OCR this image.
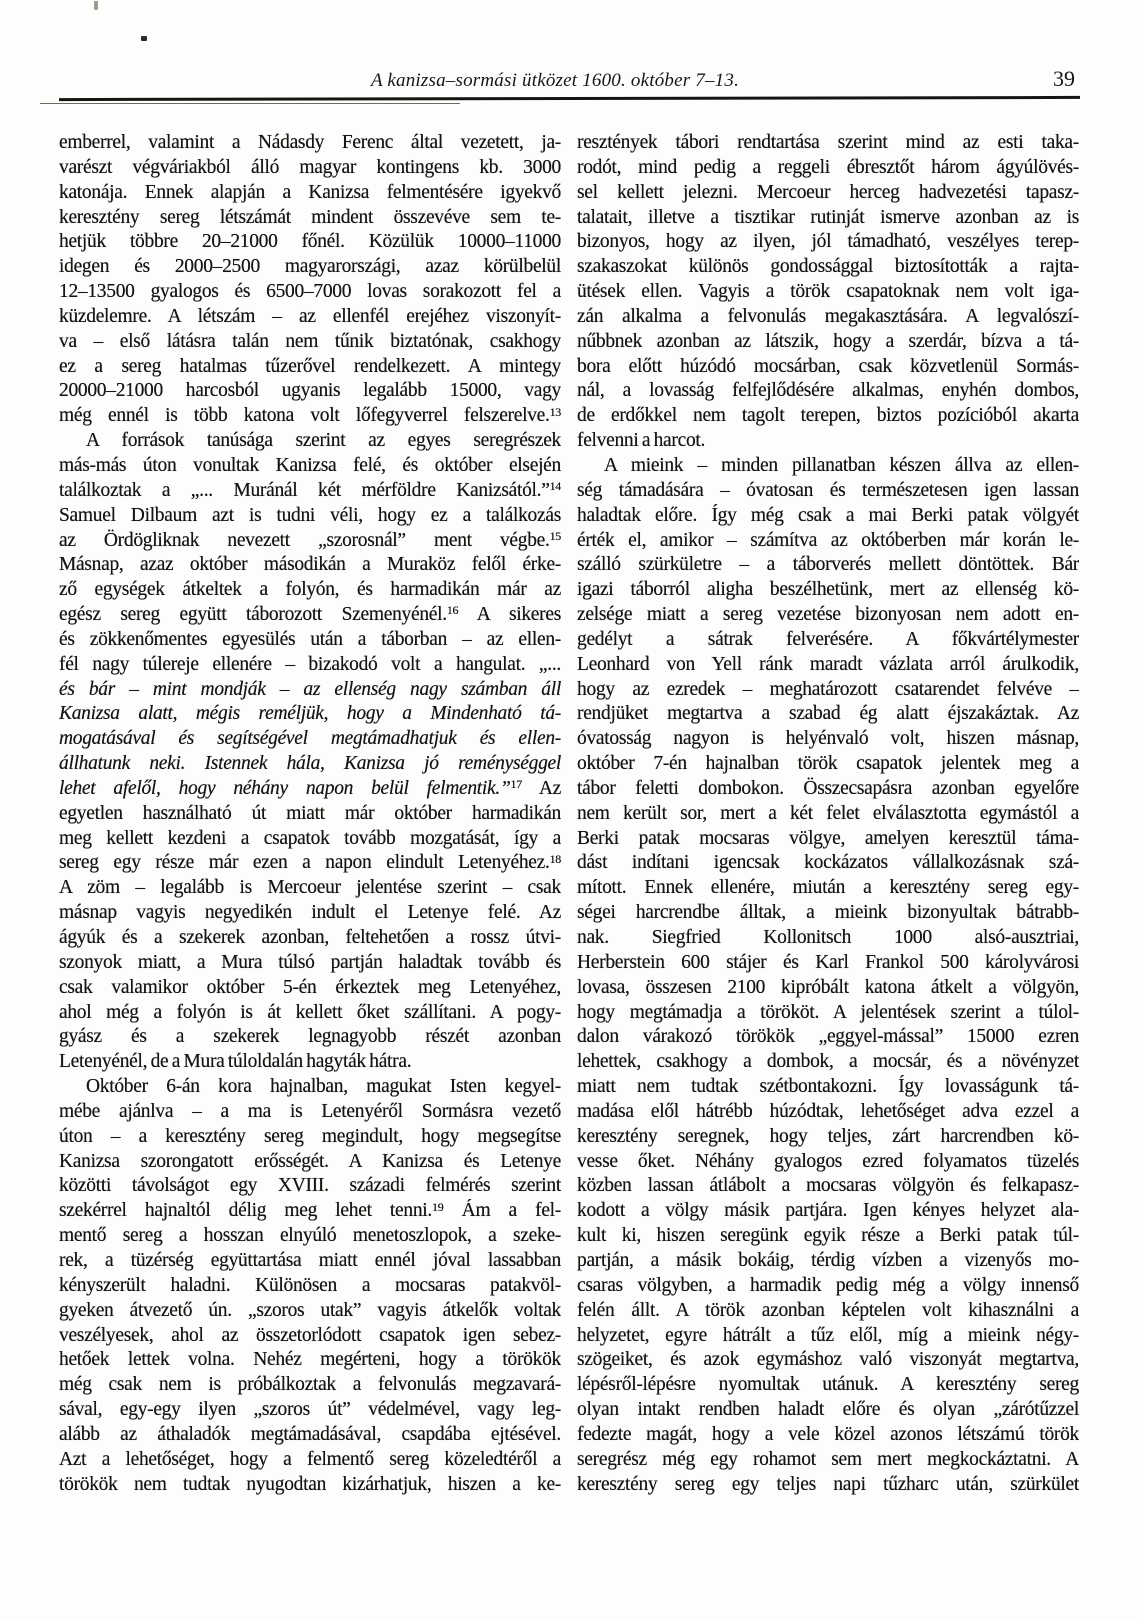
A kanizsa–sormási ütközet 1600. október 7–13.	39
emberrel, valamint a Nádasdy Ferenc által vezetett, ja-
varészt végváriakból álló magyar kontingens kb. 3000
katonája. Ennek alapján a Kanizsa felmentésére igyekvő
keresztény sereg létszámát mindent összevéve sem te-
hetjük többre 20–21000 főnél. Közülük 10000–11000
idegen és 2000–2500 magyarországi, azaz körülbelül
12–13500 gyalogos és 6500–7000 lovas sorakozott fel a
küzdelemre. A létszám – az ellenfél erejéhez viszonyít-
va – első látásra talán nem tűnik biztatónak, csakhogy
ez a sereg hatalmas tűzerővel rendelkezett. A mintegy
20000–21000 harcosból ugyanis legalább 15000, vagy
még ennél is több katona volt lőfegyverrel felszerelve.$^{13}$
A források tanúsága szerint az egyes seregrészek
más-más úton vonultak Kanizsa felé, és október elsején
találkoztak a „... Muránál két mérföldre Kanizsától.”$^{14}$
Samuel Dilbaum azt is tudni véli, hogy ez a találkozás
az Ördögliknak nevezett „szorosnál” ment végbe.$^{15}$
Másnap, azaz október másodikán a Muraköz felől érke-
ző egységek átkeltek a folyón, és harmadikán már az
egész sereg együtt táborozott Szemenyénél.$^{16}$ A sikeres
és zökkenőmentes egyesülés után a táborban – az ellen-
fél nagy túlereje ellenére – bizakodó volt a hangulat. „...
és bár – mint mondják – az ellenség nagy számban áll
Kanizsa alatt, mégis reméljük, hogy a Mindenható tá-
mogatásával és segítségével megtámadhatjuk és ellen-
állhatunk neki. Istennek hála, Kanizsa jó reménységgel
lehet afelől, hogy néhány napon belül felmentik.”$^{17}$ Az
egyetlen használható út miatt már október harmadikán
meg kellett kezdeni a csapatok tovább mozgatását, így a
sereg egy része már ezen a napon elindult Letenyéhez.$^{18}$
A zöm – legalább is Mercoeur jelentése szerint – csak
másnap vagyis negyedikén indult el Letenye felé. Az
ágyúk és a szekerek azonban, feltehetően a rossz útvi-
szonyok miatt, a Mura túlsó partján haladtak tovább és
csak valamikor október 5-én érkeztek meg Letenyéhez,
ahol még a folyón is át kellett őket szállítani. A pogy-
gyász és a szekerek legnagyobb részét azonban
Letenyénél, de a Mura túloldalán hagyták hátra.
Október 6-án kora hajnalban, magukat Isten kegyel-
mébe ajánlva – a ma is Letenyéről Sormásra vezető
úton – a keresztény sereg megindult, hogy megsegítse
Kanizsa szorongatott erősségét. A Kanizsa és Letenye
közötti távolságot egy XVIII. századi felmérés szerint
szekérrel hajnaltól délig meg lehet tenni.$^{19}$ Ám a fel-
mentő sereg a hosszan elnyúló menetoszlopok, a szeke-
rek, a tüzérség együttartása miatt ennél jóval lassabban
kényszerült haladni. Különösen a mocsaras patakvöl-
gyeken átvezető ún. „szoros utak” vagyis átkelők voltak
veszélyesek, ahol az összetorlódott csapatok igen sebez-
hetőek lettek volna. Nehéz megérteni, hogy a törökök
még csak nem is próbálkoztak a felvonulás megzavará-
sával, egy-egy ilyen „szoros út” védelmével, vagy leg-
alább az áthaladók megtámadásával, csapdába ejtésével.
Azt a lehetőséget, hogy a felmentő sereg közeledtéről a
törökök nem tudtak nyugodtan kizárhatjuk, hiszen a ke-
resztények tábori rendtartása szerint mind az esti taka-
rodót, mind pedig a reggeli ébresztőt három ágyúlövés-
sel kellett jelezni. Mercoeur herceg hadvezetési tapasz-
talatait, illetve a tisztikar rutinját ismerve azonban az is
bizonyos, hogy az ilyen, jól támadható, veszélyes terep-
szakaszokat különös gondossággal biztosították a rajta-
ütések ellen. Vagyis a török csapatoknak nem volt iga-
zán alkalma a felvonulás megakasztására. A legvalószí-
nűbbnek azonban az látszik, hogy a szerdár, bízva a tá-
bora előtt húzódó mocsárban, csak közvetlenül Sormás-
nál, a lovasság felfejlődésére alkalmas, enyhén dombos,
de erdőkkel nem tagolt terepen, biztos pozícióból akarta
felvenni a harcot.
A mieink – minden pillanatban készen állva az ellen-
ség támadására – óvatosan és természetesen igen lassan
haladtak előre. Így még csak a mai Berki patak völgyét
érték el, amikor – számítva az októberben már korán le-
szálló szürkületre – a táborverés mellett döntöttek. Bár
igazi táborról aligha beszélhetünk, mert az ellenség kö-
zelsége miatt a sereg vezetése bizonyosan nem adott en-
gedélyt a sátrak felverésére. A főkvártélymester
Leonhard von Yell ránk maradt vázlata arról árulkodik,
hogy az ezredek – meghatározott csatarendet felvéve –
rendjüket megtartva a szabad ég alatt éjszakáztak. Az
óvatosság nagyon is helyénvaló volt, hiszen másnap,
október 7-én hajnalban török csapatok jelentek meg a
tábor feletti dombokon. Összecsapásra azonban egyelőre
nem került sor, mert a két felet elválasztotta egymástól a
Berki patak mocsaras völgye, amelyen keresztül táma-
dást indítani igencsak kockázatos vállalkozásnak szá-
mított. Ennek ellenére, miután a keresztény sereg egy-
ségei harcrendbe álltak, a mieink bizonyultak bátrabb-
nak. Siegfried Kollonitsch 1000 alsó-ausztriai,
Herberstein 600 stájer és Karl Frankol 500 károlyvárosi
lovasa, összesen 2100 kipróbált katona átkelt a völgyön,
hogy megtámadja a törököt. A jelentések szerint a túlol-
dalon várakozó törökök „eggyel-mással” 15000 ezren
lehettek, csakhogy a dombok, a mocsár, és a növényzet
miatt nem tudtak szétbontakozni. Így lovasságunk tá-
madása elől hátrébb húzódtak, lehetőséget adva ezzel a
keresztény seregnek, hogy teljes, zárt harcrendben kö-
vesse őket. Néhány gyalogos ezred folyamatos tüzelés
közben lassan átlábolt a mocsaras völgyön és felkapasz-
kodott a völgy másik partjára. Igen kényes helyzet ala-
kult ki, hiszen seregünk egyik része a Berki patak túl-
partján, a másik bokáig, térdig vízben a vizenyős mo-
csaras völgyben, a harmadik pedig még a völgy innenső
felén állt. A török azonban képtelen volt kihasználni a
helyzetet, egyre hátrált a tűz elől, míg a mieink négy-
szögeiket, és azok egymáshoz való viszonyát megtartva,
lépésről-lépésre nyomultak utánuk. A keresztény sereg
olyan intakt rendben haladt előre és olyan „zárótűzzel
fedezte magát, hogy a vele közel azonos létszámú török
seregrész még egy rohamot sem mert megkockáztatni. A
keresztény sereg egy teljes napi tűzharc után, szürkület
